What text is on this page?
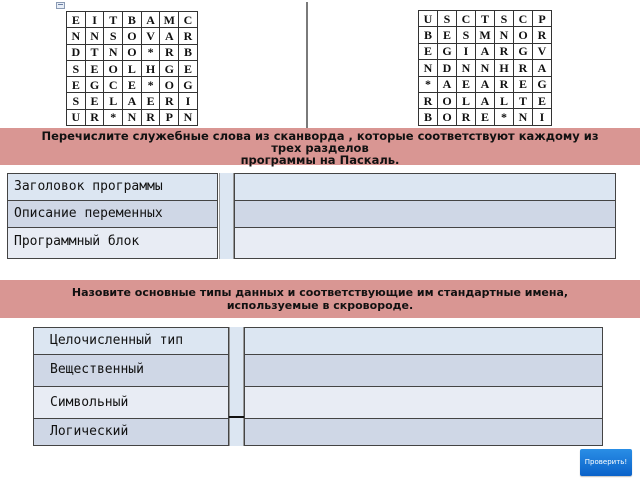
E	I	T	B	A	M	C
N	N	S	O	V	A	R
D	T	N	O	*	R	B
S	E	O	L	H	G	E
E	G	C	E	*	O	G
S	E	L	A	E	R	I
U	R	*	N	R	P	N
U	S	C	T	S	C	P
B	E	S	M	N	O	R
E	G	I	A	R	G	V
N	D	N	N	H	R	A
*	A	E	A	R	E	G
R	O	L	A	L	T	E
B	O	R	E	*	N	I
Перечислите служебные слова из сканворда , которые соответствуют каждому из
трех разделов
программы на Паскаль.
Заголовок программы
Описание переменных
Программный блок
Назовите основные типы данных и соответствующие им стандартные имена,
используемые в скровороде.
Целочисленный тип
Вещественный
Символьный
Логический
Проверить!
